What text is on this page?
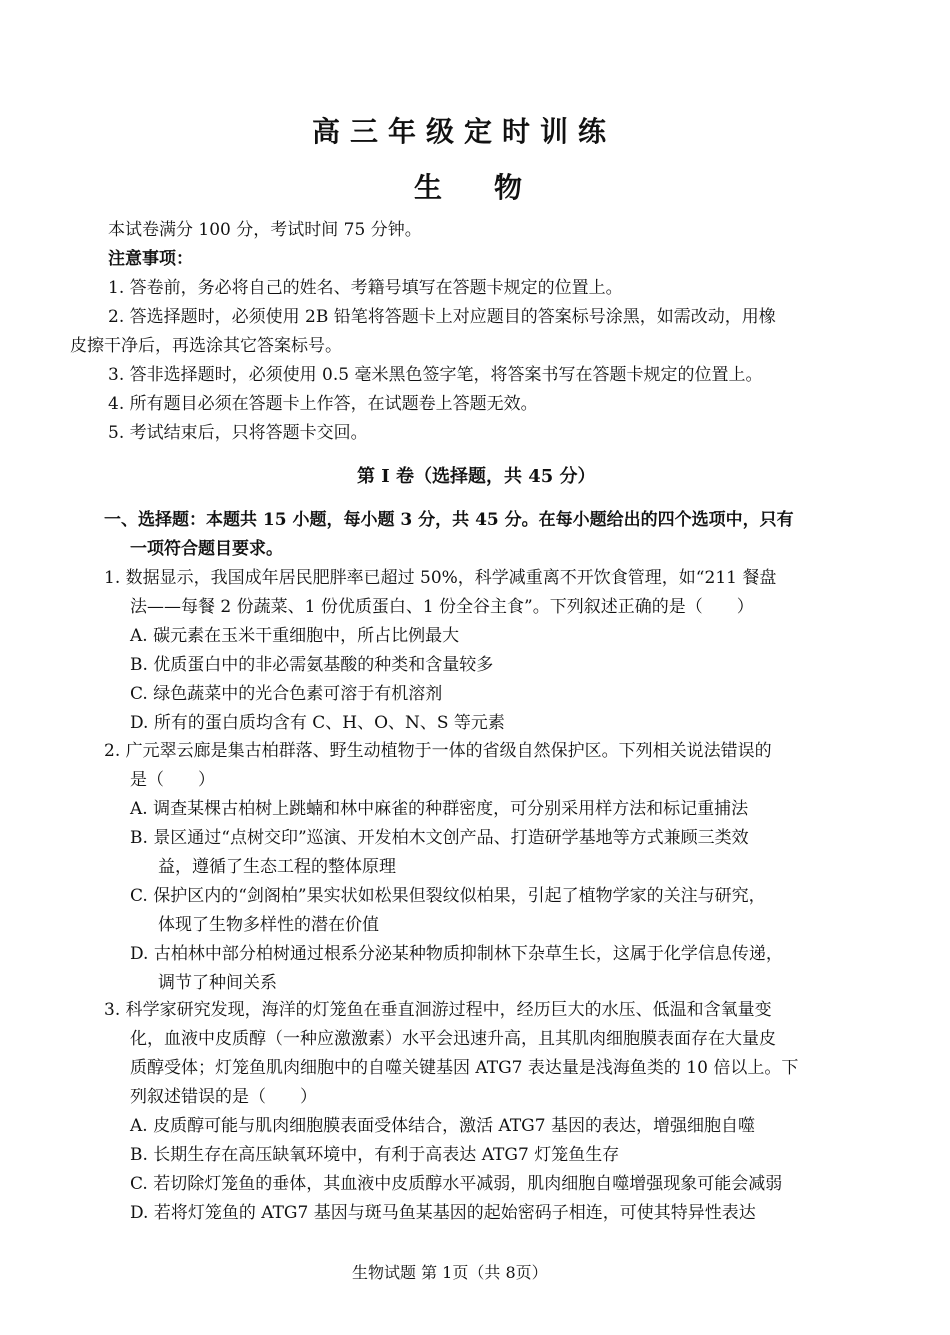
高三年级定时训练
生物
本试卷满分 100 分，考试时间 75 分钟。
注意事项：
1. 答卷前，务必将自己的姓名、考籍号填写在答题卡规定的位置上。
2. 答选择题时，必须使用 2B 铅笔将答题卡上对应题目的答案标号涂黑，如需改动，用橡
皮擦干净后，再选涂其它答案标号。
3. 答非选择题时，必须使用 0.5 毫米黑色签字笔，将答案书写在答题卡规定的位置上。
4. 所有题目必须在答题卡上作答，在试题卷上答题无效。
5. 考试结束后，只将答题卡交回。
第 I 卷（选择题，共 45 分）
一、选择题：本题共 15 小题，每小题 3 分，共 45 分。在每小题给出的四个选项中，只有
一项符合题目要求。
1. 数据显示，我国成年居民肥胖率已超过 50%，科学减重离不开饮食管理，如“211 餐盘
法——每餐 2 份蔬菜、1 份优质蛋白、1 份全谷主食”。下列叙述正确的是（　　）
A. 碳元素在玉米干重细胞中，所占比例最大
B. 优质蛋白中的非必需氨基酸的种类和含量较多
C. 绿色蔬菜中的光合色素可溶于有机溶剂
D. 所有的蛋白质均含有 C、H、O、N、S 等元素
2. 广元翠云廊是集古柏群落、野生动植物于一体的省级自然保护区。下列相关说法错误的
是（　　）
A. 调查某棵古柏树上跳蝻和林中麻雀的种群密度，可分别采用样方法和标记重捕法
B. 景区通过“点树交印”巡演、开发柏木文创产品、打造研学基地等方式兼顾三类效
益，遵循了生态工程的整体原理
C. 保护区内的“剑阁柏”果实状如松果但裂纹似柏果，引起了植物学家的关注与研究，
体现了生物多样性的潜在价值
D. 古柏林中部分柏树通过根系分泌某种物质抑制林下杂草生长，这属于化学信息传递，
调节了种间关系
3. 科学家研究发现，海洋的灯笼鱼在垂直洄游过程中，经历巨大的水压、低温和含氧量变
化，血液中皮质醇（一种应激激素）水平会迅速升高，且其肌肉细胞膜表面存在大量皮
质醇受体；灯笼鱼肌肉细胞中的自噬关键基因 ATG7 表达量是浅海鱼类的 10 倍以上。下
列叙述错误的是（　　）
A. 皮质醇可能与肌肉细胞膜表面受体结合，激活 ATG7 基因的表达，增强细胞自噬
B. 长期生存在高压缺氧环境中，有利于高表达 ATG7 灯笼鱼生存
C. 若切除灯笼鱼的垂体，其血液中皮质醇水平减弱，肌肉细胞自噬增强现象可能会减弱
D. 若将灯笼鱼的 ATG7 基因与斑马鱼某基因的起始密码子相连，可使其特异性表达
生物试题 第 1页（共 8页）
